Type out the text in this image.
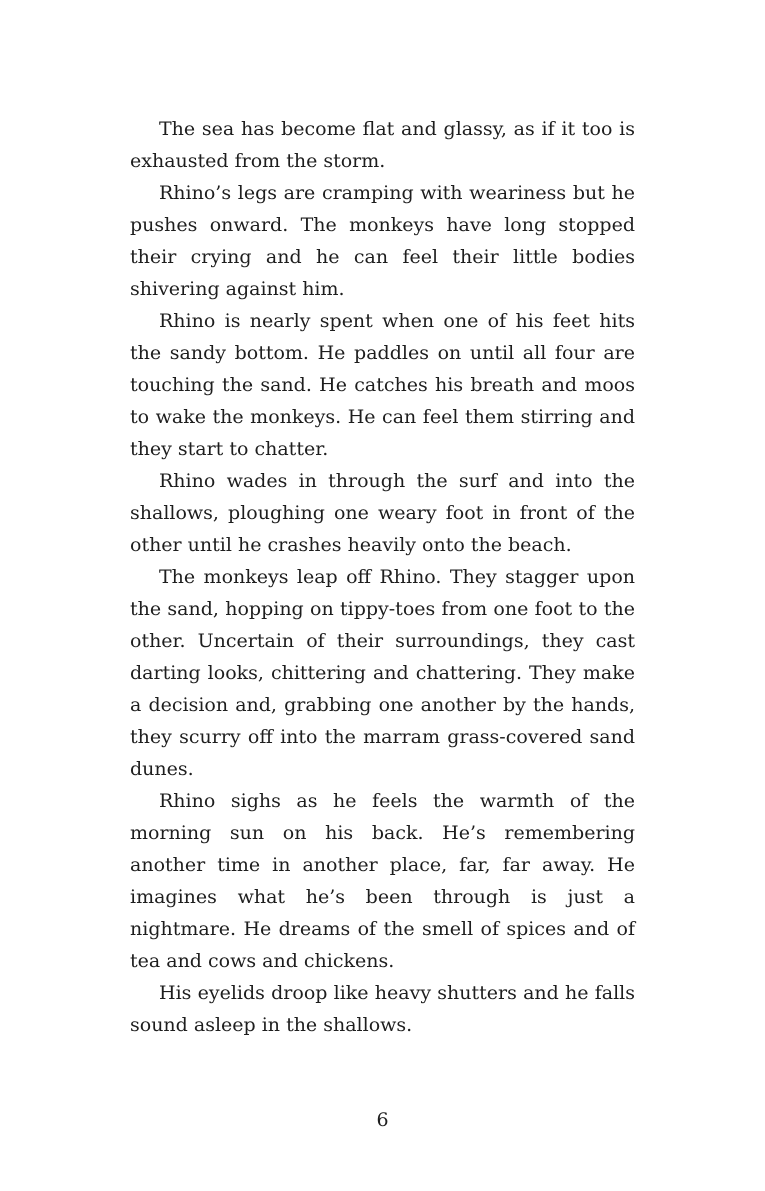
The sea has become flat and glassy, as if it too is exhausted from the storm.

Rhino’s legs are cramping with weariness but he pushes onward. The monkeys have long stopped their crying and he can feel their little bodies shivering against him.

Rhino is nearly spent when one of his feet hits the sandy bottom. He paddles on until all four are touching the sand. He catches his breath and moos to wake the monkeys. He can feel them stirring and they start to chatter.

Rhino wades in through the surf and into the shallows, ploughing one weary foot in front of the other until he crashes heavily onto the beach.

The monkeys leap off Rhino. They stagger upon the sand, hopping on tippy-toes from one foot to the other. Uncertain of their surroundings, they cast darting looks, chittering and chattering. They make a decision and, grabbing one another by the hands, they scurry off into the marram grass-covered sand dunes.

Rhino sighs as he feels the warmth of the morning sun on his back. He’s remembering another time in another place, far, far away. He imagines what he’s been through is just a nightmare. He dreams of the smell of spices and of tea and cows and chickens.

His eyelids droop like heavy shutters and he falls sound asleep in the shallows.

6
